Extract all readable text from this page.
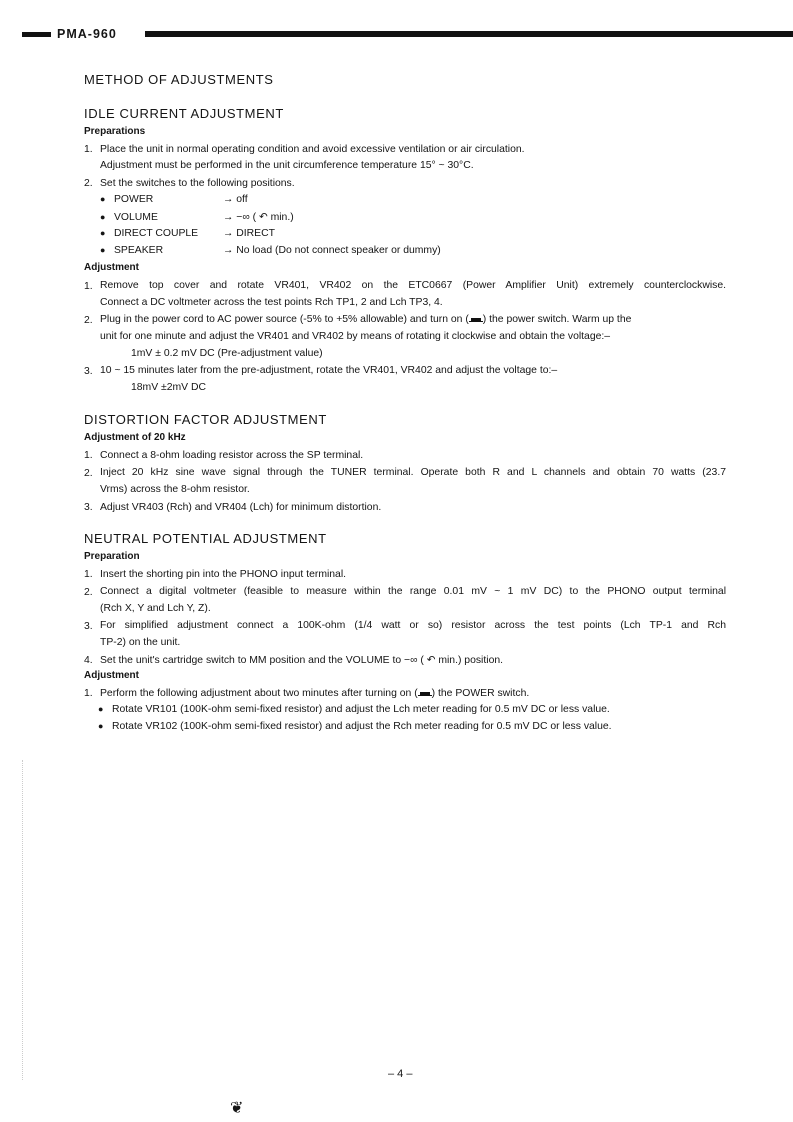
PMA-960
METHOD OF ADJUSTMENTS
IDLE CURRENT ADJUSTMENT
Preparations
1. Place the unit in normal operating condition and avoid excessive ventilation or air circulation.
Adjustment must be performed in the unit circumference temperature 15° ~ 30°C.
2. Set the switches to the following positions.
● POWER	→ off
● VOLUME	→ −∞ ( ↶ min.)
● DIRECT COUPLE → DIRECT
● SPEAKER	→ No load (Do not connect speaker or dummy)
Adjustment
1. Remove top cover and rotate VR401, VR402 on the ETC0667 (Power Amplifier Unit) extremely counterclockwise.
Connect a DC voltmeter across the test points Rch TP1, 2 and Lch TP3, 4.
2. Plug in the power cord to AC power source (-5% to +5% allowable) and turn on ( ) the power switch. Warm up the
unit for one minute and adjust the VR401 and VR402 by means of rotating it clockwise and obtain the voltage:–
1mV ± 0.2 mV DC (Pre-adjustment value)
3. 10 ~ 15 minutes later from the pre-adjustment, rotate the VR401, VR402 and adjust the voltage to:–
18mV ±2mV DC
DISTORTION FACTOR ADJUSTMENT
Adjustment of 20 kHz
1. Connect a 8-ohm loading resistor across the SP terminal.
2. Inject 20 kHz sine wave signal through the TUNER terminal. Operate both R and L channels and obtain 70 watts (23.7
Vrms) across the 8-ohm resistor.
3. Adjust VR403 (Rch) and VR404 (Lch) for minimum distortion.
NEUTRAL POTENTIAL ADJUSTMENT
Preparation
1. Insert the shorting pin into the PHONO input terminal.
2. Connect a digital voltmeter (feasible to measure within the range 0.01 mV ~ 1 mV DC) to the PHONO output terminal
(Rch X, Y and Lch Y, Z).
3. For simplified adjustment connect a 100K-ohm (1/4 watt or so) resistor across the test points (Lch TP-1 and Rch
TP-2) on the unit.
4. Set the unit's cartridge switch to MM position and the VOLUME to −∞ ( ↶ min.) position.
Adjustment
1. Perform the following adjustment about two minutes after turning on ( ) the POWER switch.
● Rotate VR101 (100K-ohm semi-fixed resistor) and adjust the Lch meter reading for 0.5 mV DC or less value.
● Rotate VR102 (100K-ohm semi-fixed resistor) and adjust the Rch meter reading for 0.5 mV DC or less value.
– 4 –
❦
